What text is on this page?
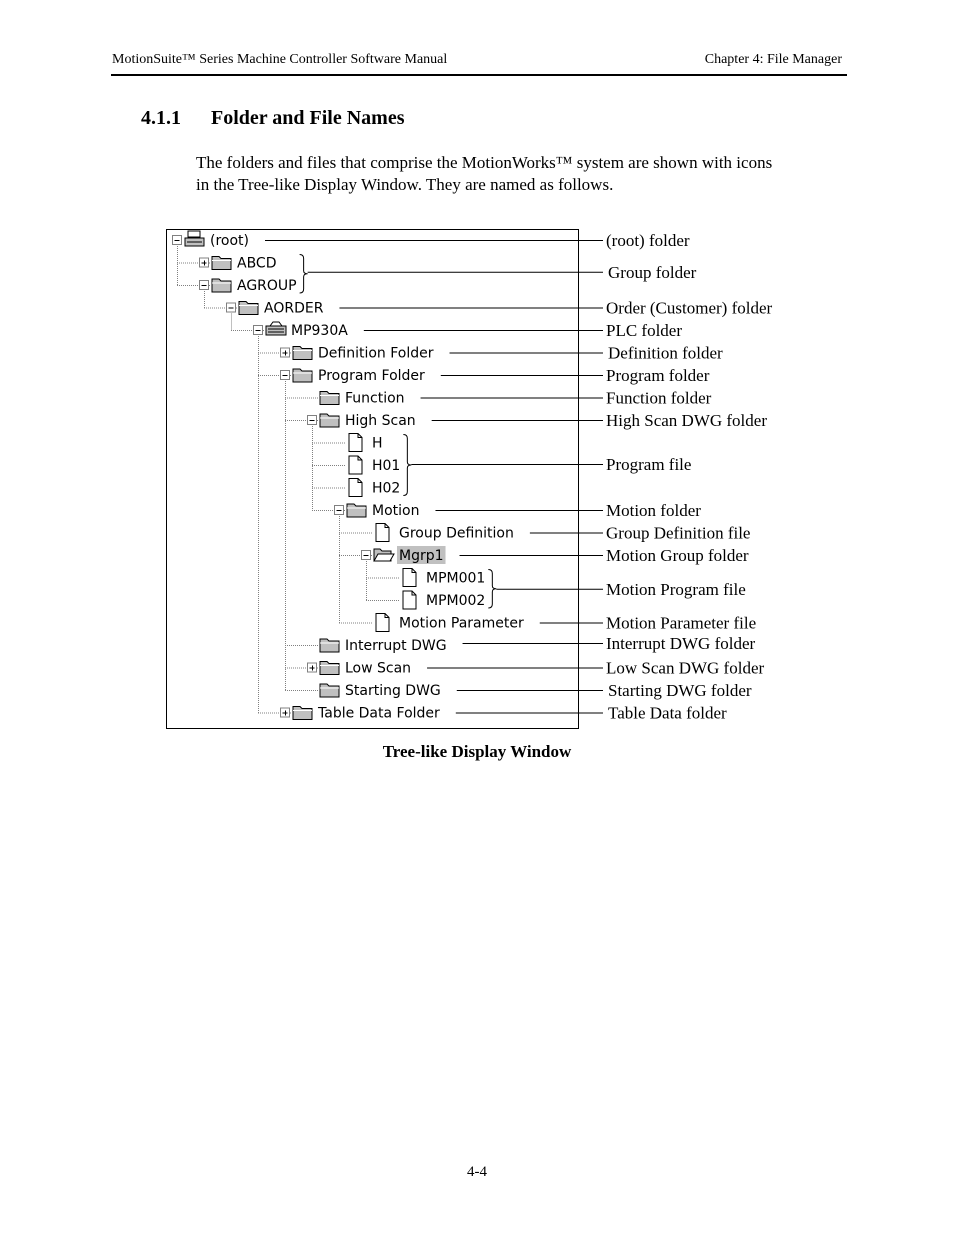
MotionSuite™ Series Machine Controller Software Manual	Chapter 4: File Manager
4.1.1 Folder and File Names

The folders and files that comprise the MotionWorks™ system are shown with icons

in the Tree-like Display Window. They are named as follows.

(root)
ABCD
AGROUP
AORDER
MP930A
Definition Folder
Program Folder
Function
High Scan
H
H01
H02
Motion
Group Definition
Mgrp1
MPM001
MPM002
Motion Parameter
Interrupt DWG
Low Scan
Starting DWG
Table Data Folder
(root) folder
Group folder
Order (Customer) folder
PLC folder
Definition folder
Program folder
Function folder
High Scan DWG folder
Program file
Motion folder
Group Definition file
Motion Group folder
Motion Program file
Motion Parameter file
Interrupt DWG folder
Low Scan DWG folder
Starting DWG folder
Table Data folder
Tree-like Display Window
4-4
